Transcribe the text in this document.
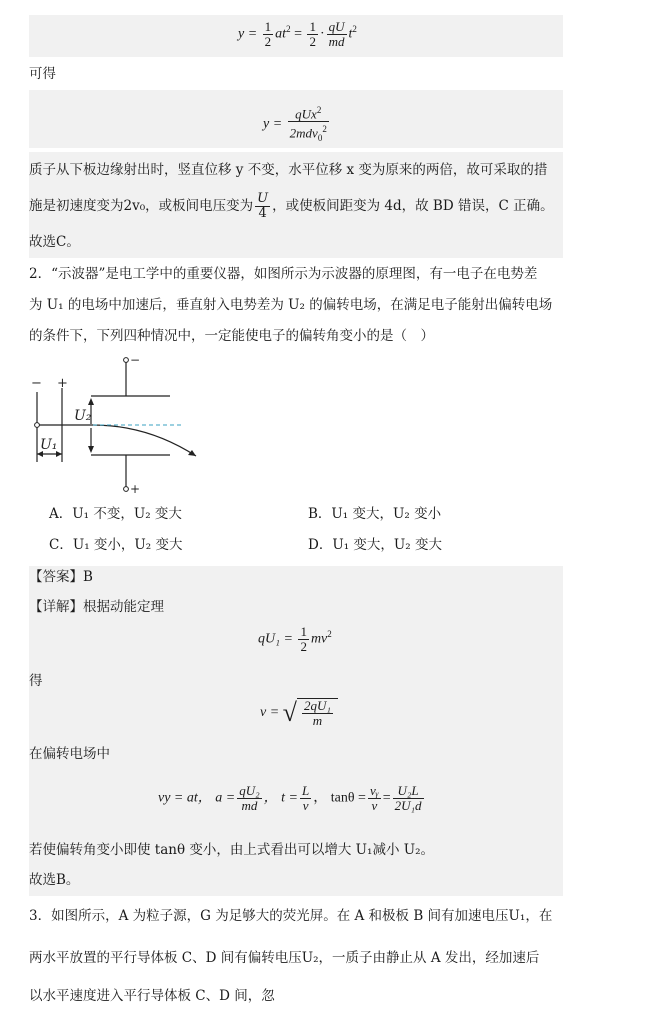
$y = \frac{1}{2} at^2 = \frac{1}{2} \cdot \frac{qU}{md} t^2$
可得
$y = \frac{qUx^2}{2mdv_0^2}$
质子从下板边缘射出时，竖直位移 y 不变，水平位移 x 变为原来的两倍，故可采取的措
施是初速度变为2v₀，或板间电压变为 $\frac{U}{4}$ ，或使板间距变为 4d，故 BD 错误，C 正确。
故选C。
2．“示波器”是电工学中的重要仪器，如图所示为示波器的原理图，有一电子在电势差
为 U₁ 的电场中加速后，垂直射入电势差为 U₂ 的偏转电场，在满足电子能射出偏转电场
的条件下，下列四种情况中，一定能使电子的偏转角变小的是（　）
− +
U₂
U₁
−
+
A．U₁ 不变，U₂ 变大	B．U₁ 变大，U₂ 变小
C．U₁ 变小，U₂ 变大	D．U₁ 变大，U₂ 变大
【答案】B
【详解】根据动能定理
$qU_1 = \frac{1}{2} mv^2$
得
v = √ $\frac{\text{2qU₁}}{m}$
在偏转电场中
vy = at， $a = \frac{\text{qU₂}}{md}$ ， $t = \frac{L}{v}$ ， $\tan\theta = \frac{\text{vᵧ}}{v} = \frac{\text{U₂L}}{\text{2U₁d}}$
若使偏转角变小即使 tanθ 变小，由上式看出可以增大 U₁减小 U₂。
故选B。
3．如图所示，A 为粒子源，G 为足够大的荧光屏。在 A 和极板 B 间有加速电压U₁，在
两水平放置的平行导体板 C、D 间有偏转电压U₂，一质子由静止从 A 发出，经加速后
以水平速度进入平行导体板 C、D 间，忽
